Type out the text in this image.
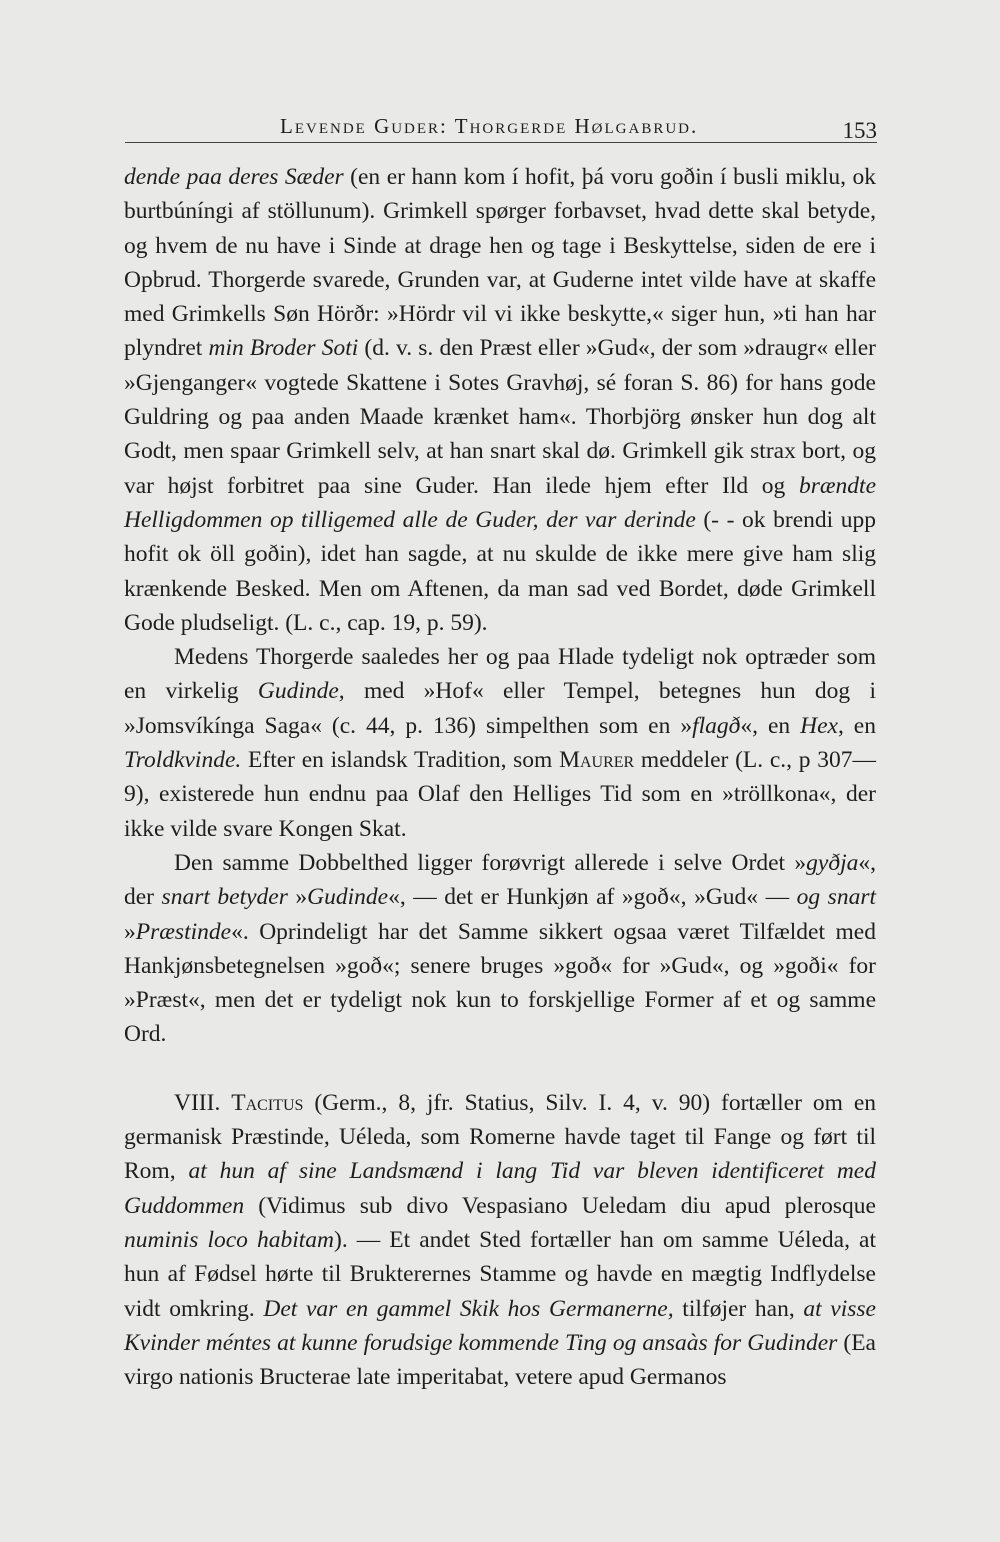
Levende Guder: Thorgerde Hølgabrud.	153

dende paa deres Sæder (en er hann kom í hofit, þá voru goðin í busli miklu, ok burtbúníngi af stöllunum). Grimkell spørger forbavset, hvad dette skal betyde, og hvem de nu have i Sinde at drage hen og tage i Beskyttelse, siden de ere i Opbrud. Thorgerde svarede, Grunden var, at Guderne intet vilde have at skaffe med Grimkells Søn Hörðr: »Hördr vil vi ikke beskytte,« siger hun, »ti han har plyndret min Broder Soti (d. v. s. den Præst eller »Gud«, der som »draugr« eller »Gjenganger« vogtede Skattene i Sotes Gravhøj, sé foran S. 86) for hans gode Guldring og paa anden Maade krænket ham«. Thorbjörg ønsker hun dog alt Godt, men spaar Grimkell selv, at han snart skal dø. Grimkell gik strax bort, og var højst forbitret paa sine Guder. Han ilede hjem efter Ild og brændte Helligdommen op tilligemed alle de Guder, der var derinde (- - ok brendi upp hofit ok öll goðin), idet han sagde, at nu skulde de ikke mere give ham slig krænkende Besked. Men om Aftenen, da man sad ved Bordet, døde Grimkell Gode pludseligt. (L. c., cap. 19, p. 59).

Medens Thorgerde saaledes her og paa Hlade tydeligt nok optræder som en virkelig Gudinde, med »Hof« eller Tempel, betegnes hun dog i »Jomsvíkínga Saga« (c. 44, p. 136) simpelthen som en »flagð«, en Hex, en Troldkvinde. Efter en islandsk Tradition, som Maurer meddeler (L. c., p 307—9), existerede hun endnu paa Olaf den Helliges Tid som en »tröllkona«, der ikke vilde svare Kongen Skat.

Den samme Dobbelthed ligger forøvrigt allerede i selve Ordet »gyðja«, der snart betyder »Gudinde«, — det er Hunkjøn af »goð«, »Gud« — og snart »Præstinde«. Oprindeligt har det Samme sikkert ogsaa været Tilfældet med Hankjønsbetegnelsen »goð«; senere bruges »goð« for »Gud«, og »goði« for »Præst«, men det er tydeligt nok kun to forskjellige Former af et og samme Ord.

VIII. Tacitus (Germ., 8, jfr. Statius, Silv. I. 4, v. 90) fortæller om en germanisk Præstinde, Uéleda, som Romerne havde taget til Fange og ført til Rom, at hun af sine Landsmænd i lang Tid var bleven identificeret med Guddommen (Vidimus sub divo Vespasiano Ueledam diu apud plerosque numinis loco habitam). — Et andet Sted fortæller han om samme Uéleda, at hun af Fødsel hørte til Brukterernes Stamme og havde en mægtig Indflydelse vidt omkring. Det var en gammel Skik hos Germanerne, tilføjer han, at visse Kvinder méntes at kunne forudsige kommende Ting og ansaàs for Gudinder (Ea virgo nationis Bructerae late imperitabat, vetere apud Germanos
